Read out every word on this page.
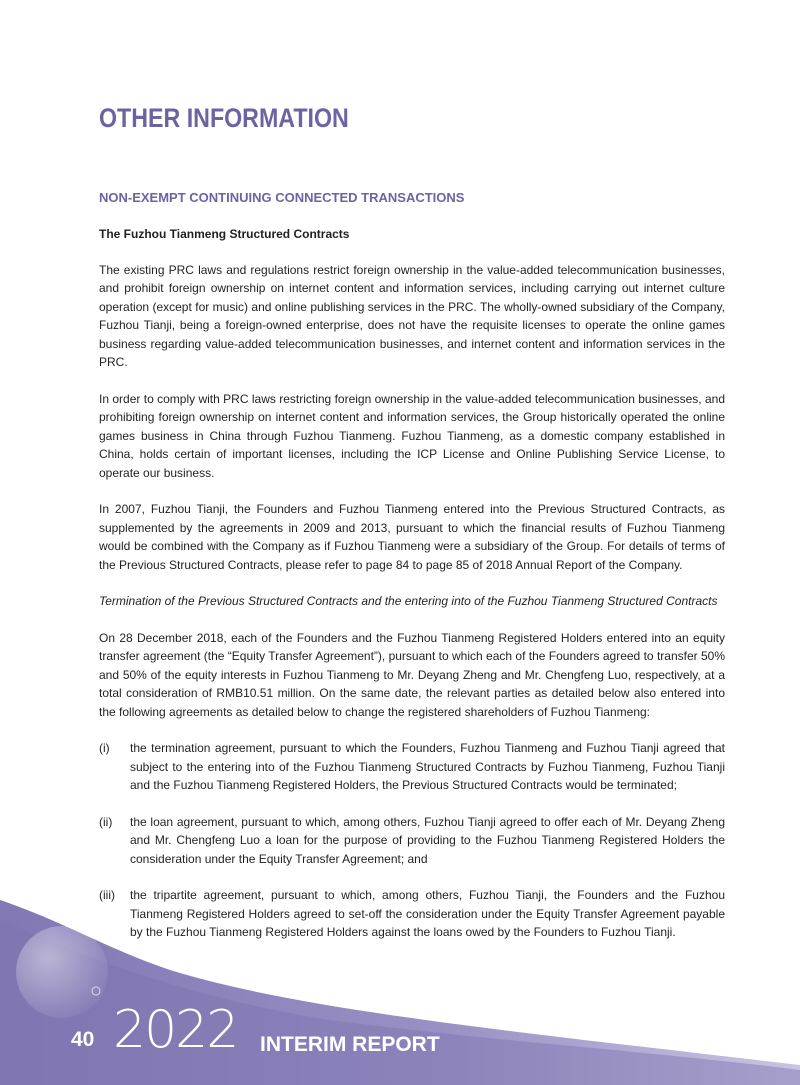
OTHER INFORMATION
NON-EXEMPT CONTINUING CONNECTED TRANSACTIONS

The Fuzhou Tianmeng Structured Contracts

The existing PRC laws and regulations restrict foreign ownership in the value-added telecommunication businesses, and prohibit foreign ownership on internet content and information services, including carrying out internet culture operation (except for music) and online publishing services in the PRC. The wholly-owned subsidiary of the Company, Fuzhou Tianji, being a foreign-owned enterprise, does not have the requisite licenses to operate the online games business regarding value-added telecommunication businesses, and internet content and information services in the PRC.

In order to comply with PRC laws restricting foreign ownership in the value-added telecommunication businesses, and prohibiting foreign ownership on internet content and information services, the Group historically operated the online games business in China through Fuzhou Tianmeng. Fuzhou Tianmeng, as a domestic company established in China, holds certain of important licenses, including the ICP License and Online Publishing Service License, to operate our business.

In 2007, Fuzhou Tianji, the Founders and Fuzhou Tianmeng entered into the Previous Structured Contracts, as supplemented by the agreements in 2009 and 2013, pursuant to which the financial results of Fuzhou Tianmeng would be combined with the Company as if Fuzhou Tianmeng were a subsidiary of the Group. For details of terms of the Previous Structured Contracts, please refer to page 84 to page 85 of 2018 Annual Report of the Company.

Termination of the Previous Structured Contracts and the entering into of the Fuzhou Tianmeng Structured Contracts

On 28 December 2018, each of the Founders and the Fuzhou Tianmeng Registered Holders entered into an equity transfer agreement (the “Equity Transfer Agreement”), pursuant to which each of the Founders agreed to transfer 50% and 50% of the equity interests in Fuzhou Tianmeng to Mr. Deyang Zheng and Mr. Chengfeng Luo, respectively, at a total consideration of RMB10.51 million. On the same date, the relevant parties as detailed below also entered into the following agreements as detailed below to change the registered shareholders of Fuzhou Tianmeng:

(i)	the termination agreement, pursuant to which the Founders, Fuzhou Tianmeng and Fuzhou Tianji agreed that subject to the entering into of the Fuzhou Tianmeng Structured Contracts by Fuzhou Tianmeng, Fuzhou Tianji and the Fuzhou Tianmeng Registered Holders, the Previous Structured Contracts would be terminated;
(ii)	the loan agreement, pursuant to which, among others, Fuzhou Tianji agreed to offer each of Mr. Deyang Zheng and Mr. Chengfeng Luo a loan for the purpose of providing to the Fuzhou Tianmeng Registered Holders the consideration under the Equity Transfer Agreement; and
(iii)	the tripartite agreement, pursuant to which, among others, Fuzhou Tianji, the Founders and the Fuzhou Tianmeng Registered Holders agreed to set-off the consideration under the Equity Transfer Agreement payable by the Fuzhou Tianmeng Registered Holders against the loans owed by the Founders to Fuzhou Tianji.
40 2022 INTERIM REPORT
